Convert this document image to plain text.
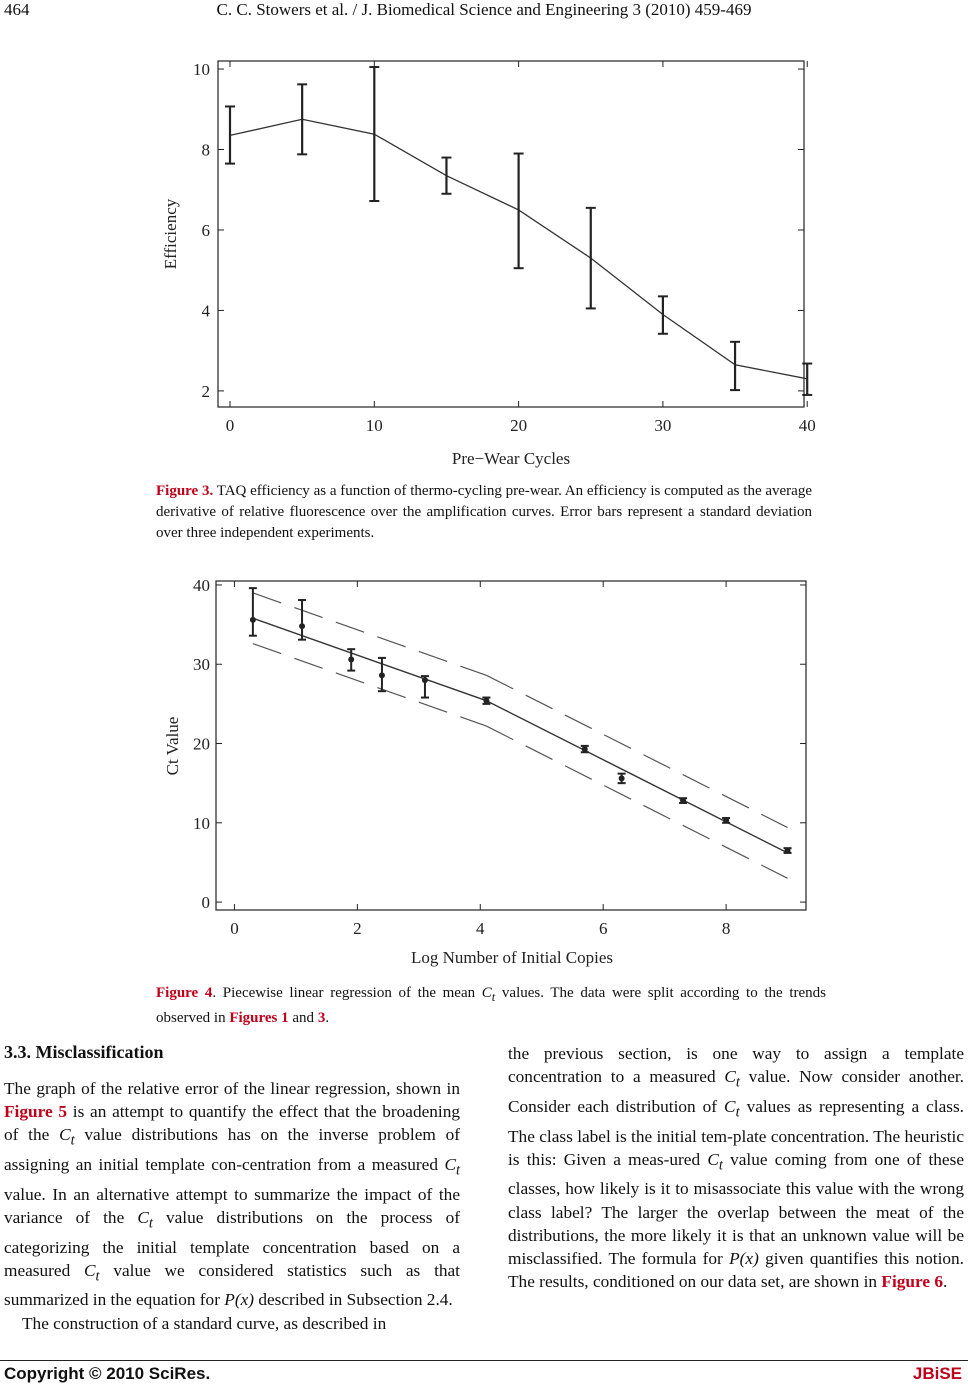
C. C. Stowers et al. / J. Biomedical Science and Engineering 3 (2010) 459-469
464
0	10	20	30	40
2
4
6
8
10
Pre−Wear Cycles
Efficiency
Figure 3. TAQ efficiency as a function of thermo-cycling pre-wear. An efficiency is computed as the average derivative of relative fluorescence over the amplification curves. Error bars represent a standard deviation over three independent experiments.
0	2	4	6	8
0
10
20
30
40
Log Number of Initial Copies
Ct Value
Figure 4. Piecewise linear regression of the mean $C_t$ values. The data were split according to the trends observed in Figures 1 and 3.
3.3. Misclassification

The graph of the relative error of the linear regression, shown in Figure 5 is an attempt to quantify the effect that the broadening of the $C_t$ value distributions has on the inverse problem of assigning an initial template con-centration from a measured $C_t$ value. In an alternative attempt to summarize the impact of the variance of the $C_t$ value distributions on the process of categorizing the initial template concentration based on a measured $C_t$ value we considered statistics such as that summarized in the equation for P(x) described in Subsection 2.4.

The construction of a standard curve, as described in

the previous section, is one way to assign a template concentration to a measured $C_t$ value. Now consider another. Consider each distribution of $C_t$ values as representing a class. The class label is the initial tem-plate concentration. The heuristic is this: Given a meas-ured $C_t$ value coming from one of these classes, how likely is it to misassociate this value with the wrong class label? The larger the overlap between the meat of the distributions, the more likely it is that an unknown value will be misclassified. The formula for P(x) given quantifies this notion. The results, conditioned on our data set, are shown in Figure 6.

Copyright © 2010 SciRes.	JBiSE
